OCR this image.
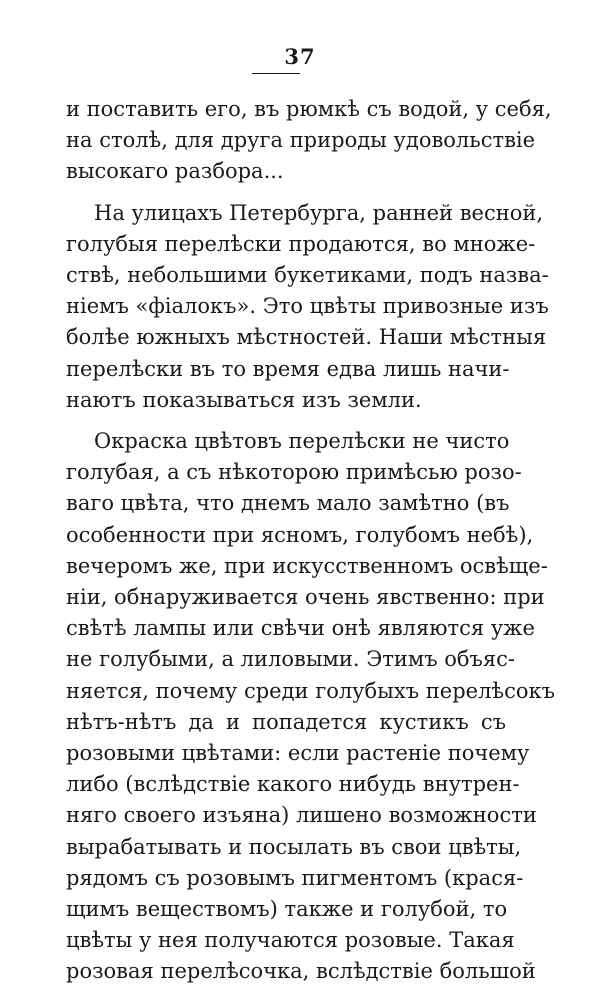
37

и поставить его, въ рюмкѣ съ водой, у себя,
на столѣ, для друга природы удовольствіе
высокаго разбора...

На улицахъ Петербурга, ранней весной,
голубыя перелѣски продаются, во множе-
ствѣ, небольшими букетиками, подъ назва-
ніемъ «фіалокъ». Это цвѣты привозные изъ
болѣе южныхъ мѣстностей. Наши мѣстныя
перелѣски въ то время едва лишь начи-
наютъ показываться изъ земли.

Окраска цвѣтовъ перелѣски не чисто
голубая, а съ нѣкоторою примѣсью розо-
ваго цвѣта, что днемъ мало замѣтно (въ
особенности при ясномъ, голубомъ небѣ),
вечеромъ же, при искусственномъ освѣще-
ніи, обнаруживается очень явственно: при
свѣтѣ лампы или свѣчи онѣ являются уже
не голубыми, а лиловыми. Этимъ объяс-
няется, почему среди голубыхъ перелѣсокъ
нѣтъ-нѣтъ да и попадется кустикъ съ
розовыми цвѣтами: если растеніе почему
либо (вслѣдствіе какого нибудь внутрен-
няго своего изъяна) лишено возможности
вырабатывать и посылать въ свои цвѣты,
рядомъ съ розовымъ пигментомъ (крася-
щимъ веществомъ) также и голубой, то
цвѣты у нея получаются розовые. Такая
розовая перелѣсочка, вслѣдствіе большой
